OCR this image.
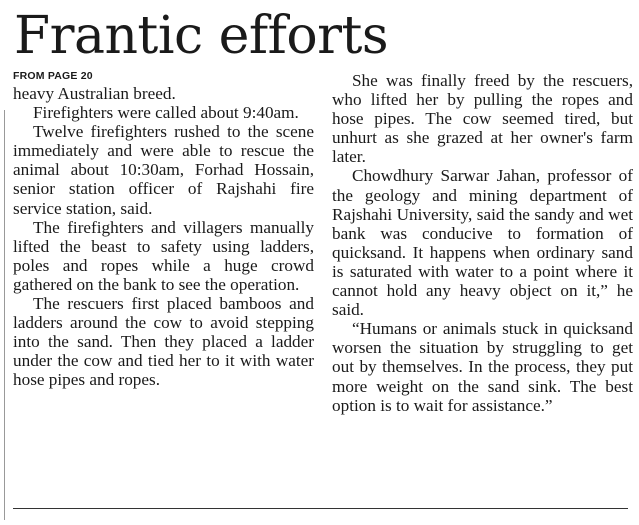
Frantic efforts
FROM PAGE 20

heavy Australian breed.

Firefighters were called about 9:40am.

Twelve firefighters rushed to the scene immediately and were able to rescue the animal about 10:30am, Forhad Hossain, senior station officer of Rajshahi fire service station, said.

The firefighters and villagers manually lifted the beast to safety using ladders, poles and ropes while a huge crowd gathered on the bank to see the operation.

The rescuers first placed bamboos and ladders around the cow to avoid stepping into the sand. Then they placed a ladder under the cow and tied her to it with water hose pipes and ropes.

She was finally freed by the rescuers, who lifted her by pulling the ropes and hose pipes. The cow seemed tired, but unhurt as she grazed at her owner's farm later.

Chowdhury Sarwar Jahan, professor of the geology and mining department of Rajshahi University, said the sandy and wet bank was conducive to formation of quicksand. It happens when ordinary sand is saturated with water to a point where it cannot hold any heavy object on it,” he said.

“Humans or animals stuck in quicksand worsen the situation by struggling to get out by themselves. In the process, they put more weight on the sand sink. The best option is to wait for assistance.”
